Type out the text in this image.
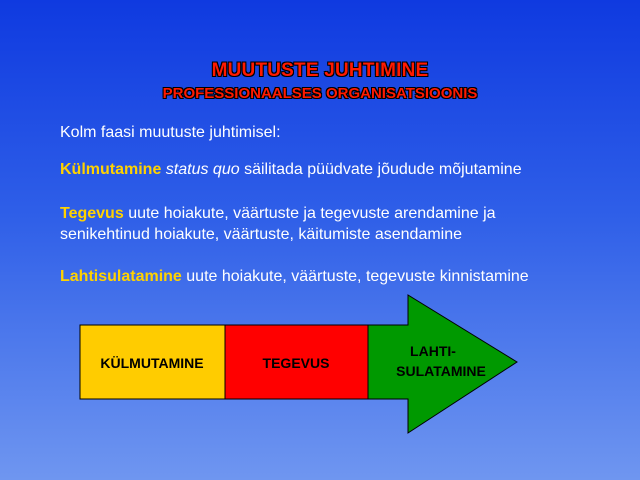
MUUTUSTE JUHTIMINE
PROFESSIONAALSES ORGANISATSIOONIS
Kolm faasi muutuste juhtimisel:
Külmutamine status quo säilitada püüdvate jõudude mõjutamine
Tegevus uute hoiakute, väärtuste ja tegevuste arendamine ja
senikehtinud hoiakute, väärtuste, käitumiste asendamine
Lahtisulatamine uute hoiakute, väärtuste, tegevuste kinnistamine
KÜLMUTAMINE	TEGEVUS
LAHTI-
SULATAMINE
